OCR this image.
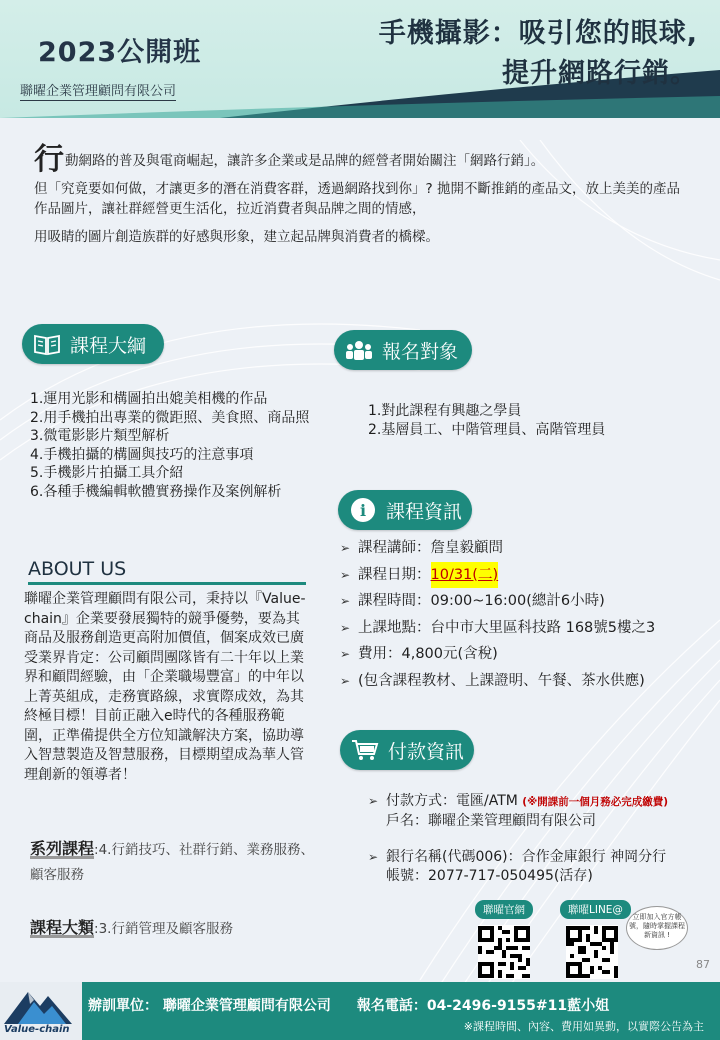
2023公開班
聯曜企業管理顧問有限公司
手機攝影：吸引您的眼球,
提升網路行銷。

行動網路的普及與電商崛起，讓許多企業或是品牌的經營者開始關注「網路行銷」。

但「究竟要如何做，才讓更多的潛在消費客群，透過網路找到你」? 拋開不斷推銷的產品文，放上美美的產品作品圖片，讓社群經營更生活化，拉近消費者與品牌之間的情感，

用吸睛的圖片創造族群的好感與形象，建立起品牌與消費者的橋樑。

課程大綱
1.運用光影和構圖拍出媲美相機的作品
2.用手機拍出專業的微距照、美食照、商品照
3.微電影影片類型解析
4.手機拍攝的構圖與技巧的注意事項
5.手機影片拍攝工具介紹
6.各種手機編輯軟體實務操作及案例解析
報名對象
1.對此課程有興趣之學員
2.基層員工、中階管理員、高階管理員
i 課程資訊
➢ 課程講師：詹皇毅顧問
➢ 課程日期： 10/31(二)
➢ 課程時間：09:00~16:00(總計6小時)
➢ 上課地點：台中市大里區科技路 168號5樓之3
➢ 費用：4,800元(含稅)
➢ (包含課程教材、上課證明、午餐、茶水供應)
ABOUT US
聯曜企業管理顧問有限公司，秉持以『Value-chain』企業要發展獨特的競爭優勢，要為其商品及服務創造更高附加價值，個案成效已廣受業界肯定：公司顧問團隊皆有二十年以上業界和顧問經驗，由「企業職場豐富」的中年以上菁英組成，走務實路線，求實際成效，為其終極目標！目前正融入e時代的各種服務範圍，正準備提供全方位知識解決方案，協助導入智慧製造及智慧服務，目標期望成為華人管理創新的領導者！
系列課程:4.行銷技巧、社群行銷、業務服務、顧客服務
課程大類:3.行銷管理及顧客服務
付款資訊
➢ 付款方式：電匯/ATM (※開課前一個月務必完成繳費)
戶名：聯曜企業管理顧問有限公司
➢ 銀行名稱(代碼006)：合作金庫銀行 神岡分行
帳號：2077-717-050495(活存)
聯曜官網	聯曜LINE@
立即加入官方帳號，隨時掌握課程新資訊 !
87
Value-chain
辦訓單位： 聯曜企業管理顧問有限公司 報名電話：04-2496-9155#11藍小姐
※課程時間、內容、費用如異動，以實際公告為主
